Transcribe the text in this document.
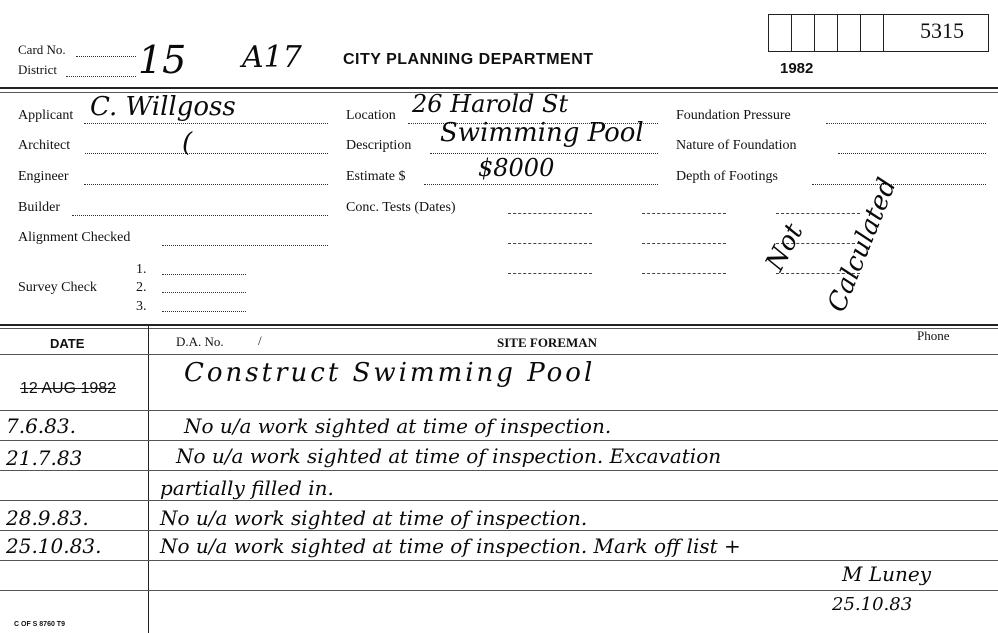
Card No.
District 15 A17	CITY PLANNING DEPARTMENT
1982
5315
Applicant C. Willgoss
Architect	(
Engineer
Builder
Alignment Checked
Survey Check
1.
2.
3.
Location 26 Harold St
Description Swimming Pool
Estimate $	$8000
Conc. Tests (Dates)
Foundation Pressure
Nature of Foundation
Depth of Footings
Not Calculated
DATE	D.A. No.	/	SITE FOREMAN	Phone
12 AUG 1982
Construct Swimming Pool
7.6.83.	No u/a work sighted at time of inspection.
21.7.83	No u/a work sighted at time of inspection. Excavation
partially filled in.
28.9.83.	No u/a work sighted at time of inspection.
25.10.83.	No u/a work sighted at time of inspection. Mark off list +
M Luney
25.10.83
C OF S 8760 T9
